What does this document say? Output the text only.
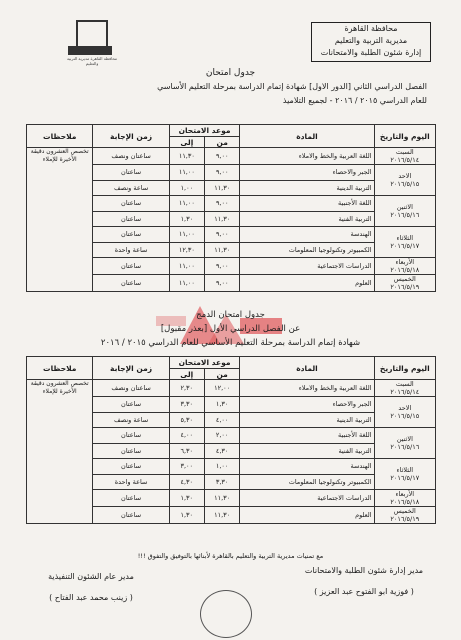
محافظة القاهرة مديرية التربية والتعليم
محافظة القاهرة
مديرية التربية والتعليم
إدارة شئون الطلبة والامتحانات
جدول امتحان
الفصل الدراسي الثاني [الدور الاول] شهادة إتمام الدراسة بمرحلة التعليم الأساسي
للعام الدراسي ٢٠١٥ / ٢٠١٦ - لجميع التلاميذ
اليوم والتاريخ	المادة	موعد الامتحان		زمن الإجابة	ملاحظات
		من	إلى		

السبت
٢٠١٦/٥/١٤	اللغة العربية والخط والاملاء	٩,٠٠	١١,٣٠	ساعتان ونصف	تخصص العشرون دقيقة الأخيرة للإملاء

الاحد
٢٠١٦/٥/١٥	الجبر والاحصاء	٩,٠٠	١١,٠٠	ساعتان	
	التربية الدينية	١١,٣٠	١,٠٠	ساعة ونصف	

الاثنين
٢٠١٦/٥/١٦	اللغة الأجنبية	٩,٠٠	١١,٠٠	ساعتان	
	التربية الفنية	١١,٣٠	١,٣٠	ساعتان	

الثلاثاء
٢٠١٦/٥/١٧	الهندسة	٩,٠٠	١١,٠٠	ساعتان	
	الكمبيوتر وتكنولوجيا المعلومات	١١,٣٠	١٢,٣٠	ساعة واحدة	

الأربعاء
٢٠١٦/٥/١٨	الدراسات الاجتماعية	٩,٠٠	١١,٠٠	ساعتان	

الخميس
٢٠١٦/٥/١٩	العلوم	٩,٠٠	١١,٠٠	ساعتان	
جدول امتحان الدمج
عن الفصل الدراسي الأول [بعذر مقبول]
شهادة إتمام الدراسة بمرحلة التعليم الأساسي للعام الدراسي ٢٠١٥ / ٢٠١٦
اليوم والتاريخ	المادة	موعد الامتحان		زمن الإجابة	ملاحظات
		من	إلى		

السبت
٢٠١٦/٥/١٤	اللغة العربية والخط والاملاء	١٢,٠٠	٢,٣٠	ساعتان ونصف	تخصص العشرون دقيقة الأخيرة للإملاء

الاحد
٢٠١٦/٥/١٥	الجبر والاحصاء	١,٣٠	٣,٣٠	ساعتان	
	التربية الدينية	٤,٠٠	٥,٣٠	ساعة ونصف	

الاثنين
٢٠١٦/٥/١٦	اللغة الأجنبية	٢,٠٠	٤,٠٠	ساعتان	
	التربية الفنية	٤,٣٠	٦,٣٠	ساعتان	

الثلاثاء
٢٠١٦/٥/١٧	الهندسة	١,٠٠	٣,٠٠	ساعتان	
	الكمبيوتر وتكنولوجيا المعلومات	٣,٣٠	٤,٣٠	ساعة واحدة	

الأربعاء
٢٠١٦/٥/١٨	الدراسات الاجتماعية	١١,٣٠	١,٣٠	ساعتان	

الخميس
٢٠١٦/٥/١٩	العلوم	١١,٣٠	١,٣٠	ساعتان	
مع تمنيات مديرية التربية والتعليم بالقاهرة لأبنائها بالتوفيق والتفوق !!!
مدير إدارة شئون الطلبة والامتحانات
( فوزية ابو الفتوح عبد العزيز )
مدير عام الشئون التنفيذية
( زينب محمد عبد الفتاح )
